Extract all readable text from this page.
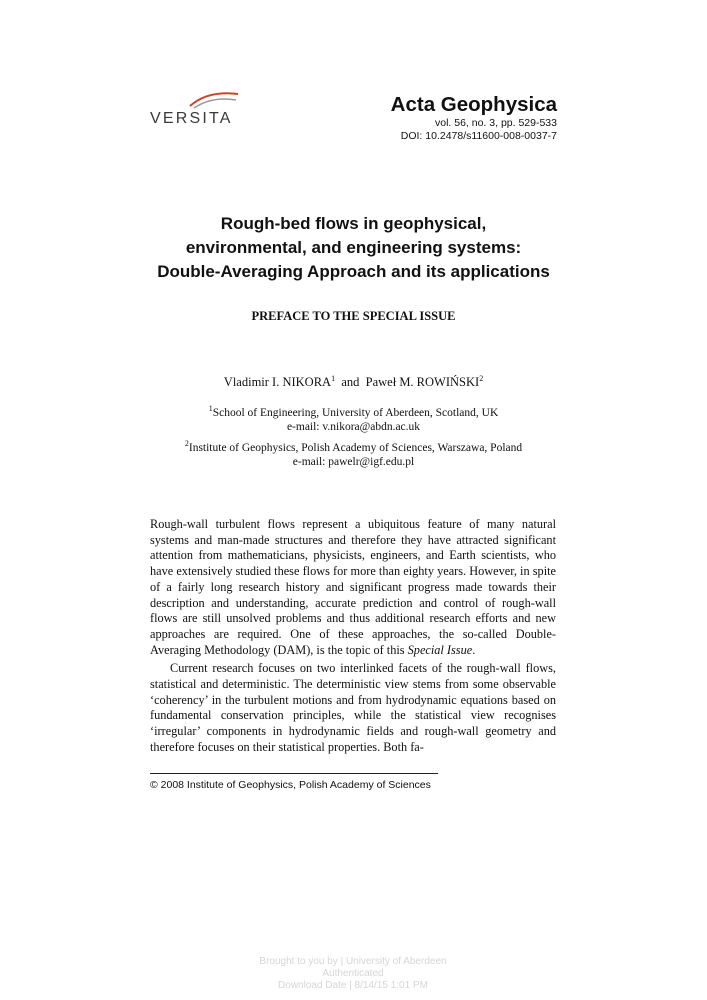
VERSITA
Acta Geophysica
vol. 56, no. 3, pp. 529-533
DOI: 10.2478/s11600-008-0037-7
Rough-bed flows in geophysical,
environmental, and engineering systems:
Double-Averaging Approach and its applications
PREFACE TO THE SPECIAL ISSUE
Vladimir I. NIKORA$^1$ and Paweł M. ROWIŃSKI$^2$
$^1$School of Engineering, University of Aberdeen, Scotland, UK
e-mail: v.nikora@abdn.ac.uk
$^2$Institute of Geophysics, Polish Academy of Sciences, Warszawa, Poland
e-mail: pawelr@igf.edu.pl

Rough-wall turbulent flows represent a ubiquitous feature of many natural systems and man-made structures and therefore they have attracted significant attention from mathematicians, physicists, engineers, and Earth scientists, who have extensively studied these flows for more than eighty years. However, in spite of a fairly long research history and significant progress made towards their description and understanding, accurate prediction and control of rough-wall flows are still unsolved problems and thus additional research efforts and new approaches are required. One of these approaches, the so-called Double-Averaging Methodology (DAM), is the topic of this Special Issue.

Current research focuses on two interlinked facets of the rough-wall flows, statistical and deterministic. The deterministic view stems from some observable ‘coherency’ in the turbulent motions and from hydrodynamic equations based on fundamental conservation principles, while the statistical view recognises ‘irregular’ components in hydrodynamic fields and rough-wall geometry and therefore focuses on their statistical properties. Both fa-

© 2008 Institute of Geophysics, Polish Academy of Sciences
Brought to you by | University of Aberdeen
Authenticated
Download Date | 8/14/15 1:01 PM
